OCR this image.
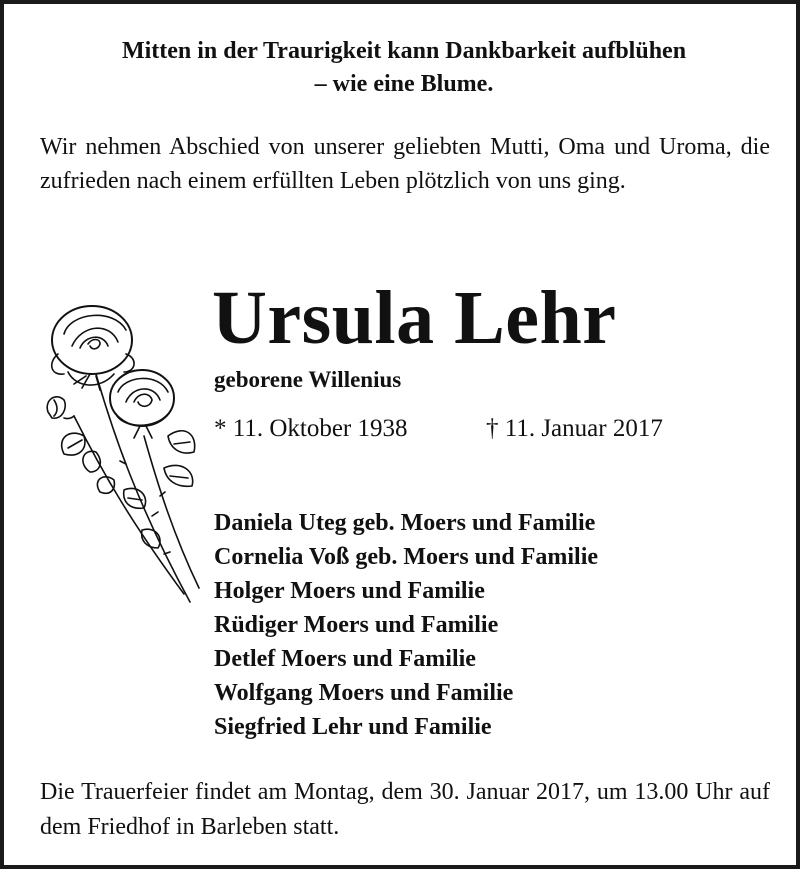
Mitten in der Traurigkeit kann Dankbarkeit aufblühen
– wie eine Blume.
Wir nehmen Abschied von unserer geliebten Mutti, Oma und Uroma, die zufrieden nach einem erfüllten Leben plötzlich von uns ging.
Ursula Lehr
geborene Willenius
* 11. Oktober 1938	† 11. Januar 2017
Daniela Uteg geb. Moers und Familie
Cornelia Voß geb. Moers und Familie
Holger Moers und Familie
Rüdiger Moers und Familie
Detlef Moers und Familie
Wolfgang Moers und Familie
Siegfried Lehr und Familie
Die Trauerfeier findet am Montag, dem 30. Januar 2017, um 13.00 Uhr auf dem Friedhof in Barleben statt.
